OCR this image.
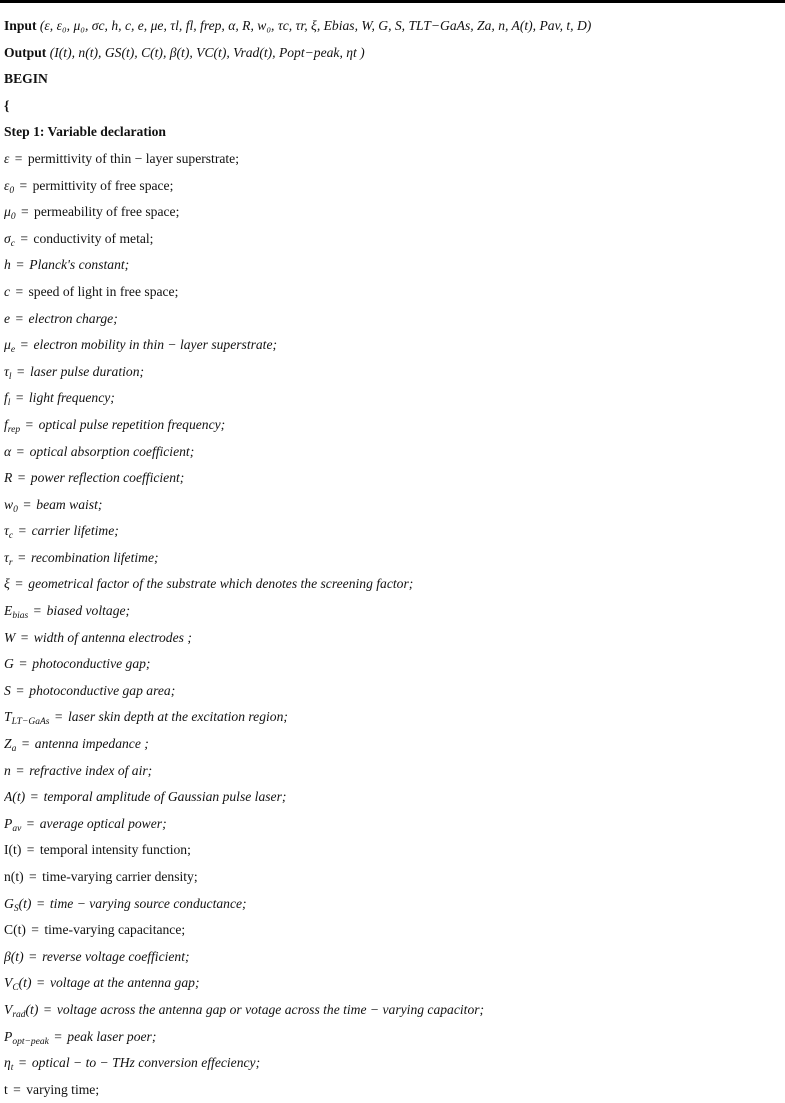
Input (ε, ε₀, μ₀, σc, h, c, e, μe, τl, fl, frep, α, R, w₀, τc, τr, ξ, Ebias, W, G, S, TLT−GaAs, Za, n, A(t), Pav, t, D)
Output (I(t), n(t), GS(t), C(t), β(t), VC(t), Vrad(t), Popt−peak, ηt )
BEGIN
{
Step 1: Variable declaration
ε = permittivity of thin − layer superstrate;
$\varepsilon_0$ = permittivity of free space;
$\mu_0$ = permeability of free space;
$\sigma_c$ = conductivity of metal;
h = Planck's constant;
c = speed of light in free space;
e = electron charge;
$\mu_e$ = electron mobility in thin − layer superstrate;
$\tau_l$ = laser pulse duration;
$f_l$ = light frequency;
$f_{rep}$ = optical pulse repetition frequency;
α = optical absorption coefficient;
R = power reflection coefficient;
$w_0$ = beam waist;
$\tau_c$ = carrier lifetime;
$\tau_r$ = recombination lifetime;
ξ = geometrical factor of the substrate which denotes the screening factor;
$E_{bias}$ = biased voltage;
W = width of antenna electrodes ;
G = photoconductive gap;
S = photoconductive gap area;
$T_{LT-GaAs}$ = laser skin depth at the excitation region;
$Z_a$ = antenna impedance ;
n = refractive index of air;
A(t) = temporal amplitude of Gaussian pulse laser;
$P_{av}$ = average optical power;
I(t) = temporal intensity function;
n(t) = time-varying carrier density;
$G_S(t)$ = time − varying source conductance;
C(t) = time-varying capacitance;
β(t) = reverse voltage coefficient;
$V_C(t)$ = voltage at the antenna gap;
$V_{rad}(t)$ = voltage across the antenna gap or votage across the time − varying capacitor;
$P_{opt-peak}$ = peak laser poer;
$\eta_t$ = optical − to − THz conversion effeciency;
t = varying time;
